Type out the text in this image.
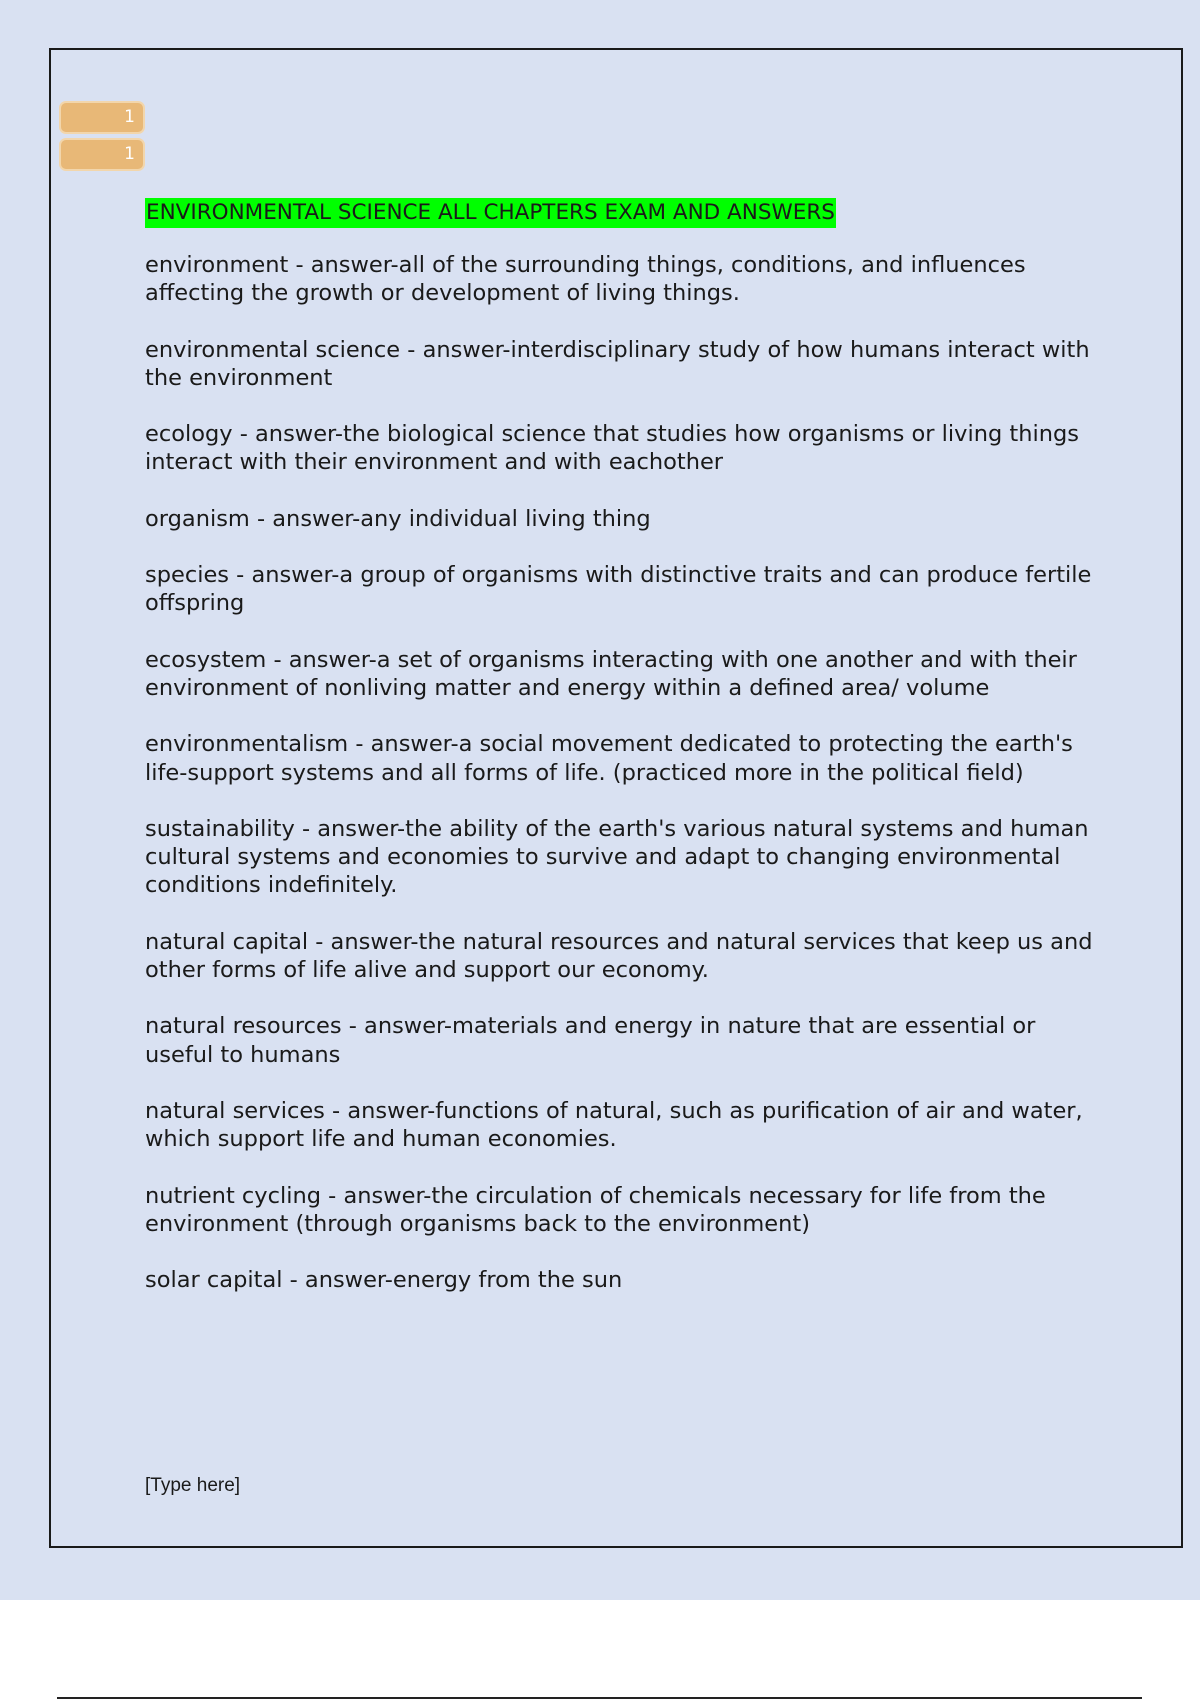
1
1
ENVIRONMENTAL SCIENCE ALL CHAPTERS EXAM AND ANSWERS
environment - answer-all of the surrounding things, conditions, and influences affecting the growth or development of living things.
environmental science - answer-interdisciplinary study of how humans interact with the environment
ecology - answer-the biological science that studies how organisms or living things interact with their environment and with eachother
organism - answer-any individual living thing
species - answer-a group of organisms with distinctive traits and can produce fertile offspring
ecosystem - answer-a set of organisms interacting with one another and with their environment of nonliving matter and energy within a defined area/ volume
environmentalism - answer-a social movement dedicated to protecting the earth's life-support systems and all forms of life. (practiced more in the political field)
sustainability - answer-the ability of the earth's various natural systems and human cultural systems and economies to survive and adapt to changing environmental conditions indefinitely.
natural capital - answer-the natural resources and natural services that keep us and other forms of life alive and support our economy.
natural resources - answer-materials and energy in nature that are essential or useful to humans
natural services - answer-functions of natural, such as purification of air and water, which support life and human economies.
nutrient cycling - answer-the circulation of chemicals necessary for life from the environment (through organisms back to the environment)
solar capital - answer-energy from the sun
[Type here]
